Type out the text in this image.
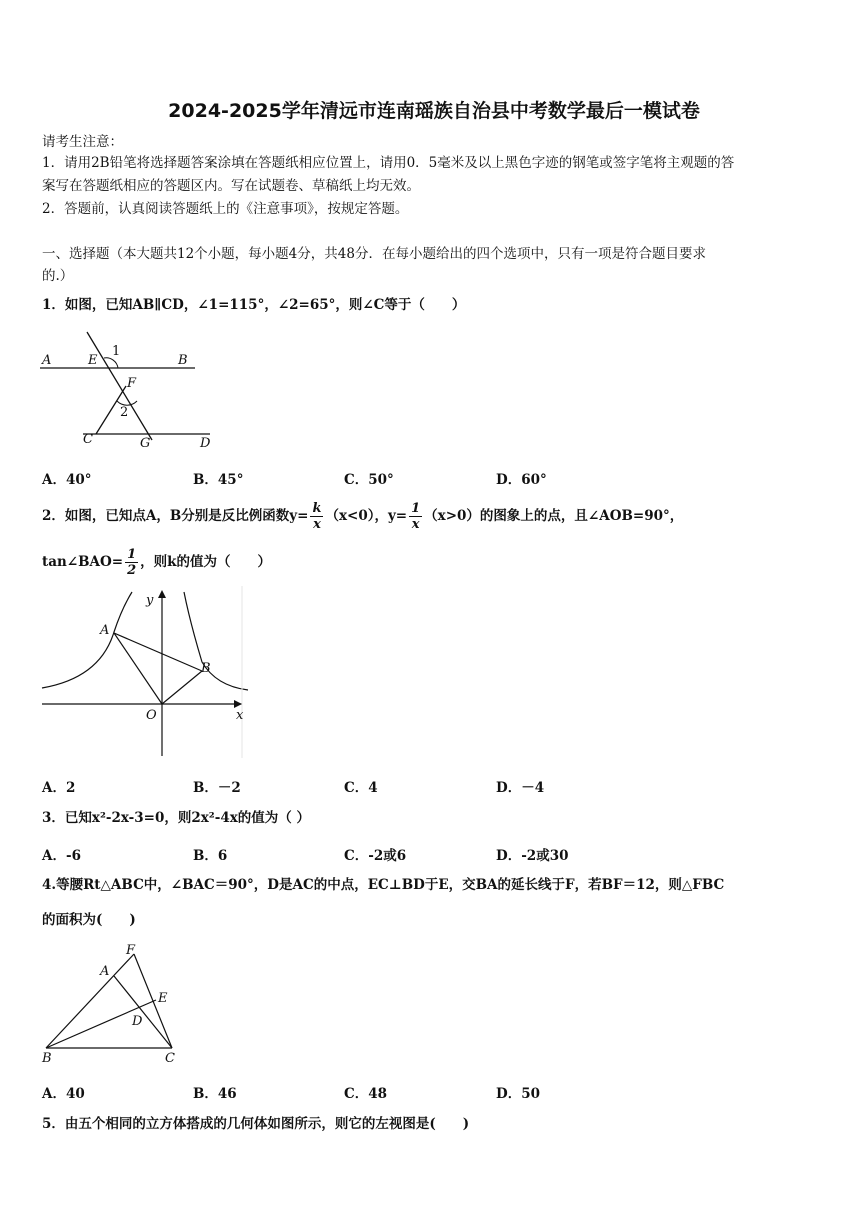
2024-2025学年清远市连南瑶族自治县中考数学最后一模试卷
请考生注意：
1．请用2B铅笔将选择题答案涂填在答题纸相应位置上，请用0．5毫米及以上黑色字迹的钢笔或签字笔将主观题的答
案写在答题纸相应的答题区内。写在试题卷、草稿纸上均无效。
2．答题前，认真阅读答题纸上的《注意事项》，按规定答题。
一、选择题（本大题共12个小题，每小题4分，共48分．在每小题给出的四个选项中，只有一项是符合题目要求
的.）
1．如图，已知AB∥CD，∠1=115°，∠2=65°，则∠C等于（　　）
A	E
1
B
F
2
C	G	D
A．40°	B．45°	C．50°	D．60°
2．如图，已知点A，B分别是反比例函数$y= \frac{k}{x} (x<0)$，$y= \frac{1}{x} (x>0)$的图象上的点，且∠AOB=90°，
tan∠BAO= $\frac{1}{2}$ ，则k的值为（　　）
y
A
B
O	x
A．2	B．－2	C．4	D．－4
3．已知x²-2x-3=0，则2x²-4x的值为（ ）
A．-6	B．6	C．-2或6	D．-2或30
4.等腰Rt△ABC中，∠BAC＝90°，D是AC的中点，EC⊥BD于E，交BA的延长线于F，若BF＝12，则△FBC
的面积为(　　)
F
A
E
D
B	C
A．40	B．46	C．48	D．50
5．由五个相同的立方体搭成的几何体如图所示，则它的左视图是(　　)
